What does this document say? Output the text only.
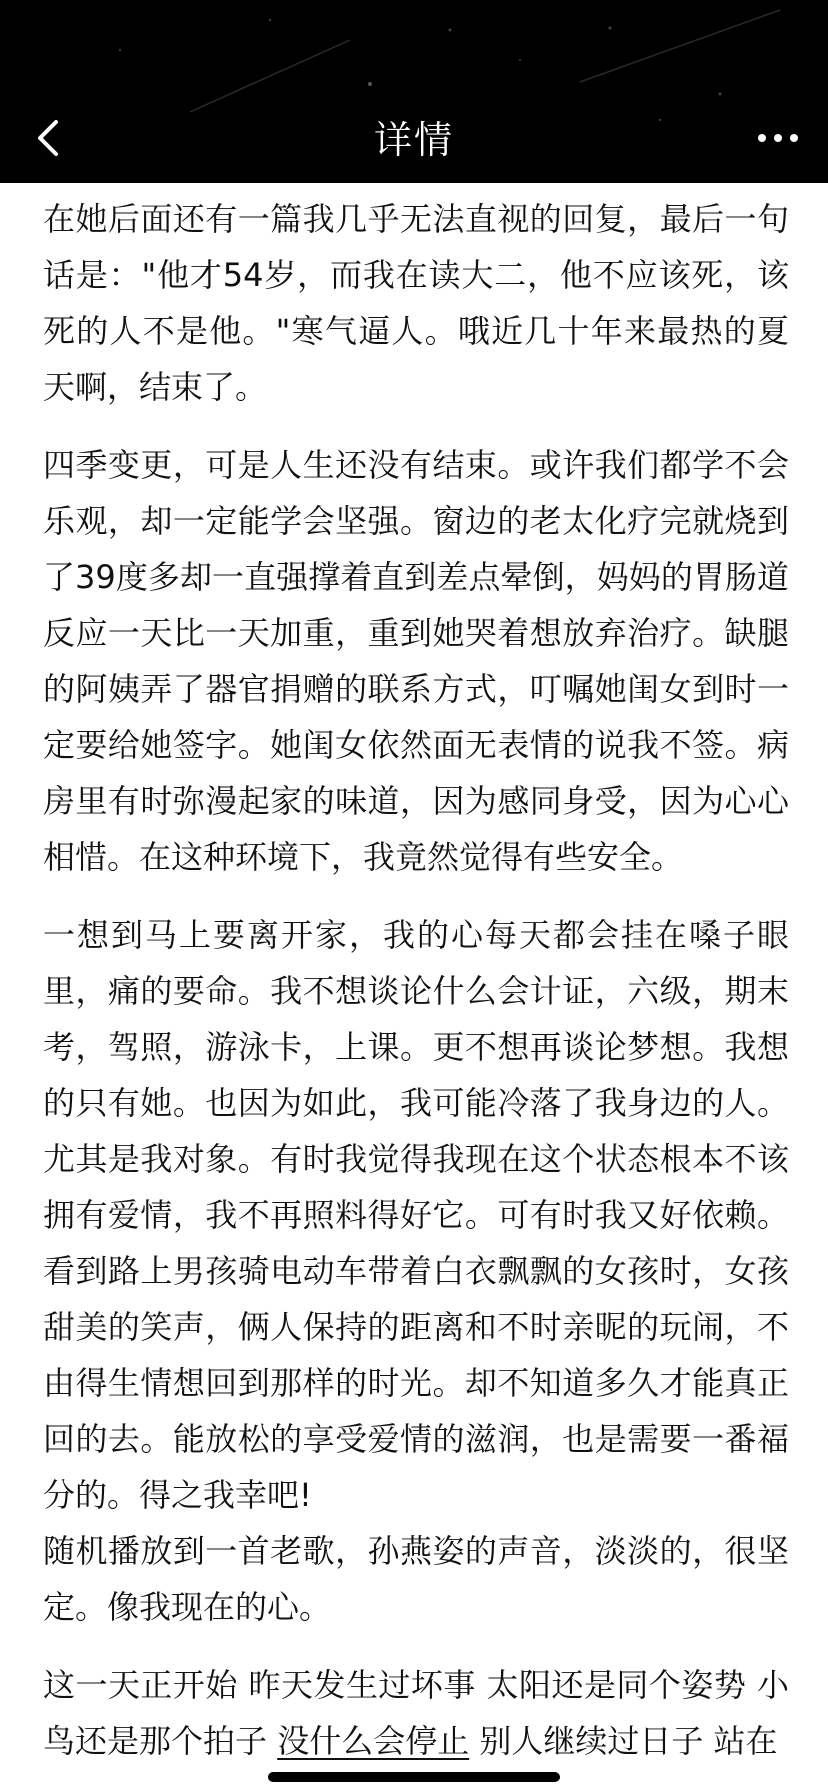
详情

在她后面还有一篇我几乎无法直视的回复，最后一句话是："他才54岁，而我在读大二，他不应该死，该死的人不是他。"寒气逼人。哦近几十年来最热的夏天啊，结束了。

四季变更，可是人生还没有结束。或许我们都学不会乐观，却一定能学会坚强。窗边的老太化疗完就烧到了39度多却一直强撑着直到差点晕倒，妈妈的胃肠道反应一天比一天加重，重到她哭着想放弃治疗。缺腿的阿姨弄了器官捐赠的联系方式，叮嘱她闺女到时一定要给她签字。她闺女依然面无表情的说我不签。病房里有时弥漫起家的味道，因为感同身受，因为心心相惜。在这种环境下，我竟然觉得有些安全。

一想到马上要离开家，我的心每天都会挂在嗓子眼里，痛的要命。我不想谈论什么会计证，六级，期末考，驾照，游泳卡，上课。更不想再谈论梦想。我想的只有她。也因为如此，我可能冷落了我身边的人。尤其是我对象。有时我觉得我现在这个状态根本不该拥有爱情，我不再照料得好它。可有时我又好依赖。看到路上男孩骑电动车带着白衣飘飘的女孩时，女孩甜美的笑声，俩人保持的距离和不时亲昵的玩闹，不由得生情想回到那样的时光。却不知道多久才能真正回的去。能放松的享受爱情的滋润，也是需要一番福分的。得之我幸吧!
随机播放到一首老歌，孙燕姿的声音，淡淡的，很坚定。像我现在的心。

这一天正开始 昨天发生过坏事 太阳还是同个姿势 小鸟还是那个拍子 没什么会停止 别人继续过日子 站在
